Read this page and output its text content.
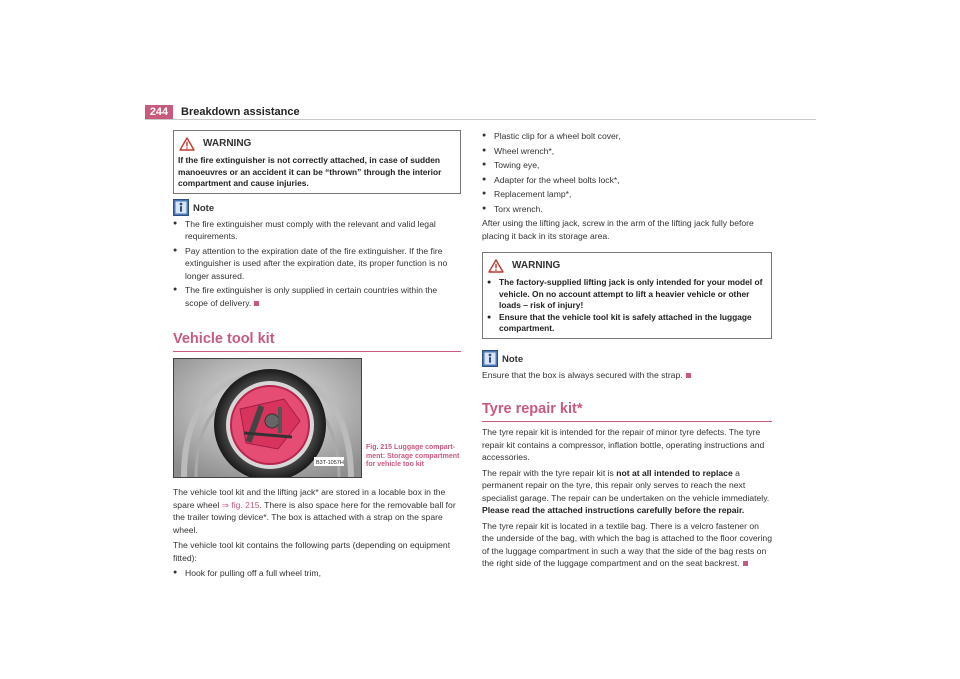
244	Breakdown assistance
WARNING

If the fire extinguisher is not correctly attached, in case of sudden manoeuvres or an accident it can be “thrown” through the interior compartment and cause injuries.

Note

● The fire extinguisher must comply with the relevant and valid legal requirements.

● Pay attention to the expiration date of the fire extinguisher. If the fire extinguisher is used after the expiration date, its proper function is no longer assured.

● The fire extinguisher is only supplied in certain countries within the scope of delivery.

Vehicle tool kit
B3T-1057H
Fig. 215 Luggage compartment: Storage compartment for vehicle too kit

The vehicle tool kit and the lifting jack* are stored in a locable box in the spare wheel ⇒ fig. 215. There is also space here for the removable ball for the trailer towing device*. The box is attached with a strap on the spare wheel.

The vehicle tool kit contains the following parts (depending on equipment fitted):

● Hook for pulling off a full wheel trim,

● Plastic clip for a wheel bolt cover,

● Wheel wrench*,

● Towing eye,

● Adapter for the wheel bolts lock*,

● Replacement lamp*,

● Torx wrench.

After using the lifting jack, screw in the arm of the lifting jack fully before placing it back in its storage area.

WARNING

● The factory-supplied lifting jack is only intended for your model of vehicle. On no account attempt to lift a heavier vehicle or other loads – risk of injury!

● Ensure that the vehicle tool kit is safely attached in the luggage compartment.

Note

Ensure that the box is always secured with the strap.

Tyre repair kit*

The tyre repair kit is intended for the repair of minor tyre defects. The tyre repair kit contains a compressor, inflation bottle, operating instructions and accessories.

The repair with the tyre repair kit is not at all intended to replace a permanent repair on the tyre, this repair only serves to reach the next specialist garage. The repair can be undertaken on the vehicle immediately. Please read the attached instructions carefully before the repair.

The tyre repair kit is located in a textile bag. There is a velcro fastener on the underside of the bag, with which the bag is attached to the floor covering of the luggage compartment in such a way that the side of the bag rests on the right side of the luggage compartment and on the seat backrest.
